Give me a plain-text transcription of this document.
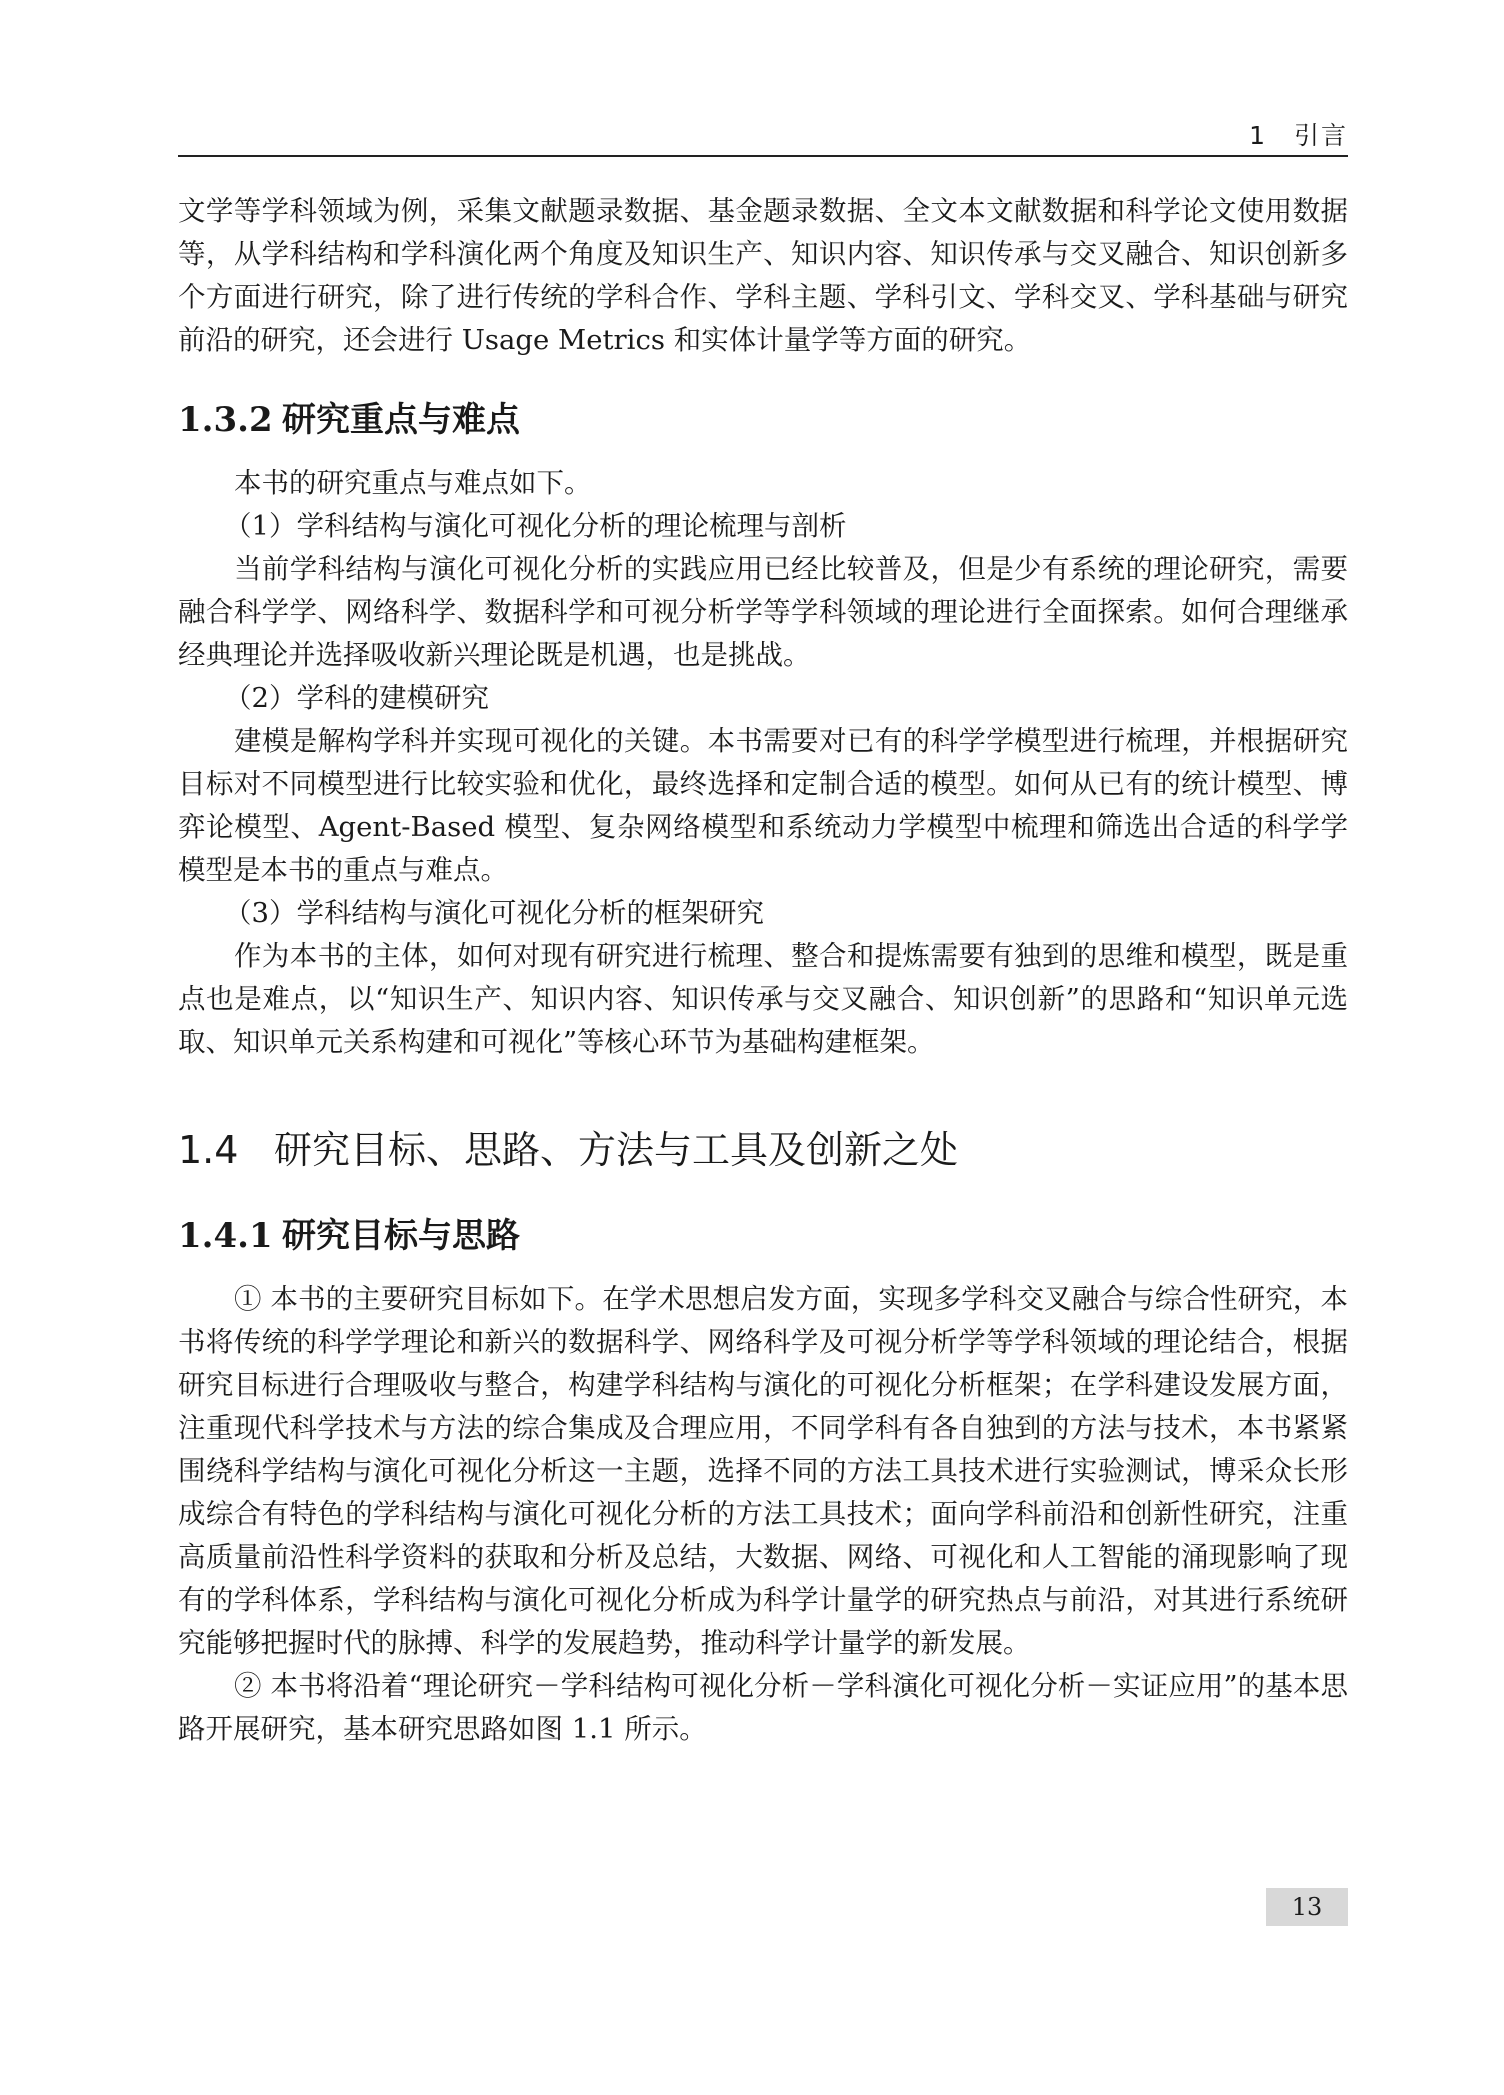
1　引言

文学等学科领域为例，采集文献题录数据、基金题录数据、全文本文献数据和科学论文使用数据等，从学科结构和学科演化两个角度及知识生产、知识内容、知识传承与交叉融合、知识创新多个方面进行研究，除了进行传统的学科合作、学科主题、学科引文、学科交叉、学科基础与研究前沿的研究，还会进行 Usage Metrics 和实体计量学等方面的研究。

1.3.2 研究重点与难点

本书的研究重点与难点如下。

（1）学科结构与演化可视化分析的理论梳理与剖析

当前学科结构与演化可视化分析的实践应用已经比较普及，但是少有系统的理论研究，需要融合科学学、网络科学、数据科学和可视分析学等学科领域的理论进行全面探索。如何合理继承经典理论并选择吸收新兴理论既是机遇，也是挑战。

（2）学科的建模研究

建模是解构学科并实现可视化的关键。本书需要对已有的科学学模型进行梳理，并根据研究目标对不同模型进行比较实验和优化，最终选择和定制合适的模型。如何从已有的统计模型、博弈论模型、Agent-Based 模型、复杂网络模型和系统动力学模型中梳理和筛选出合适的科学学模型是本书的重点与难点。

（3）学科结构与演化可视化分析的框架研究

作为本书的主体，如何对现有研究进行梳理、整合和提炼需要有独到的思维和模型，既是重点也是难点，以“知识生产、知识内容、知识传承与交叉融合、知识创新”的思路和“知识单元选取、知识单元关系构建和可视化”等核心环节为基础构建框架。

1.4 研究目标、思路、方法与工具及创新之处
1.4.1 研究目标与思路

① 本书的主要研究目标如下。在学术思想启发方面，实现多学科交叉融合与综合性研究，本书将传统的科学学理论和新兴的数据科学、网络科学及可视分析学等学科领域的理论结合，根据研究目标进行合理吸收与整合，构建学科结构与演化的可视化分析框架；在学科建设发展方面，注重现代科学技术与方法的综合集成及合理应用，不同学科有各自独到的方法与技术，本书紧紧围绕科学结构与演化可视化分析这一主题，选择不同的方法工具技术进行实验测试，博采众长形成综合有特色的学科结构与演化可视化分析的方法工具技术；面向学科前沿和创新性研究，注重高质量前沿性科学资料的获取和分析及总结，大数据、网络、可视化和人工智能的涌现影响了现有的学科体系，学科结构与演化可视化分析成为科学计量学的研究热点与前沿，对其进行系统研究能够把握时代的脉搏、科学的发展趋势，推动科学计量学的新发展。

② 本书将沿着“理论研究－学科结构可视化分析－学科演化可视化分析－实证应用”的基本思路开展研究，基本研究思路如图 1.1 所示。

13
